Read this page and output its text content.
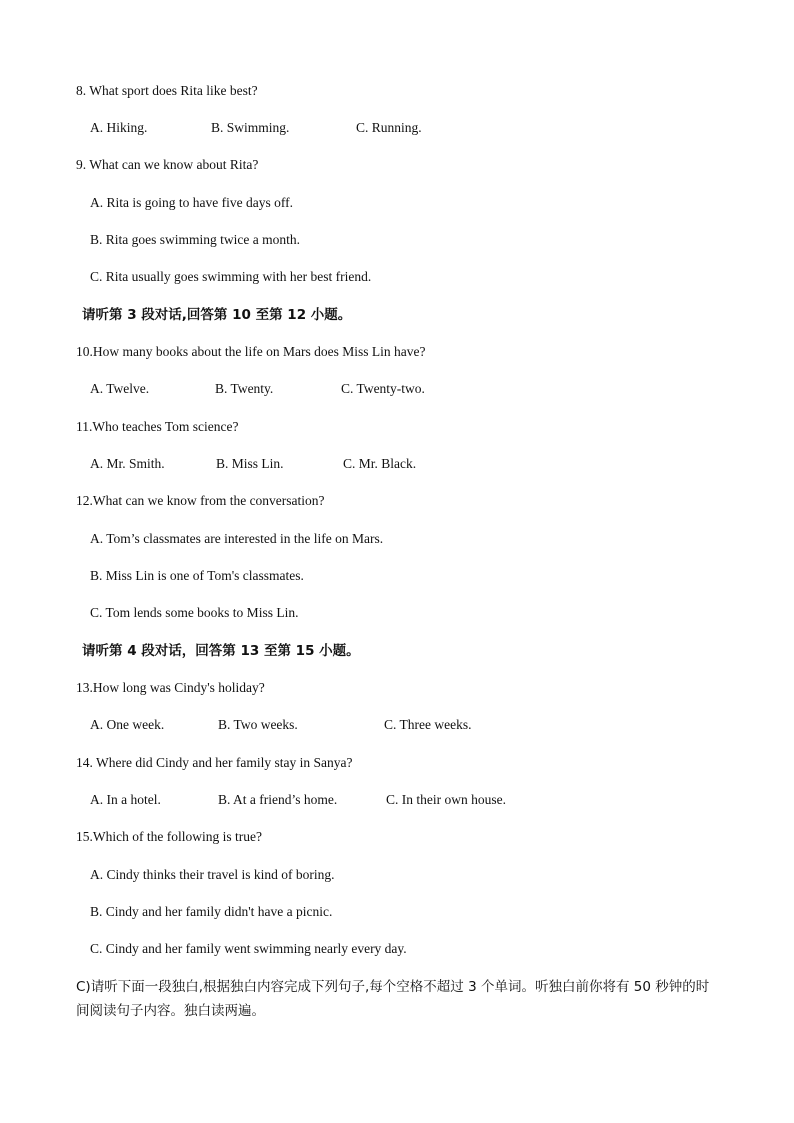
8. What sport does Rita like best?
A. Hiking.	B. Swimming.	C. Running.
9. What can we know about Rita?
A. Rita is going to have five days off.
B. Rita goes swimming twice a month.
C. Rita usually goes swimming with her best friend.
请听第 3 段对话,回答第 10 至第 12 小题。
10.How many books about the life on Mars does Miss Lin have?
A. Twelve.	B. Twenty.	C. Twenty-two.
11.Who teaches Tom science?
A. Mr. Smith.	B. Miss Lin.	C. Mr. Black.
12.What can we know from the conversation?
A. Tom’s classmates are interested in the life on Mars.
B. Miss Lin is one of Tom's classmates.
C. Tom lends some books to Miss Lin.
请听第 4 段对话，回答第 13 至第 15 小题。
13.How long was Cindy's holiday?
A. One week.	B. Two weeks.	C. Three weeks.
14. Where did Cindy and her family stay in Sanya?
A. In a hotel.	B. At a friend’s home.	C. In their own house.
15.Which of the following is true?
A. Cindy thinks their travel is kind of boring.
B. Cindy and her family didn't have a picnic.
C. Cindy and her family went swimming nearly every day.
C)请听下面一段独白,根据独白内容完成下列句子,每个空格不超过 3 个单词。听独白前你将有 50 秒钟的时
间阅读句子内容。独白读两遍。
